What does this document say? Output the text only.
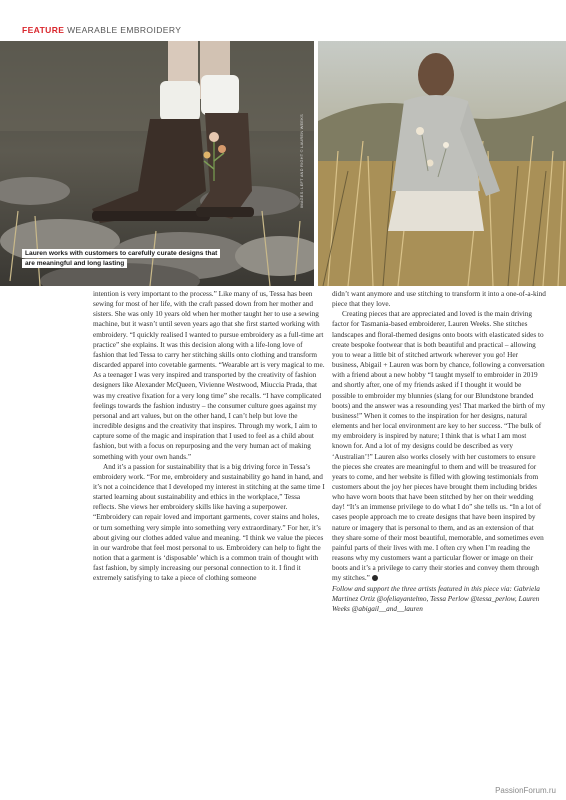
FEATURE WEARABLE EMBROIDERY
IMAGES: LEFT AND RIGHT © LAUREN WEEKS
Lauren works with customers to carefully curate designs that are meaningful and long lasting

intention is very important to the process.” Like many of us, Tessa has been sewing for most of her life, with the craft passed down from her mother and sisters. She was only 10 years old when her mother taught her to use a sewing machine, but it wasn’t until seven years ago that she first started working with embroidery. “I quickly realised I wanted to pursue embroidery as a full-time art practice” she explains. It was this decision along with a life-long love of fashion that led Tessa to carry her stitching skills onto clothing and transform discarded apparel into covetable garments. “Wearable art is very magical to me. As a teenager I was very inspired and transported by the creativity of fashion designers like Alexander McQueen, Vivienne Westwood, Miuccia Prada, that was my creative fixation for a very long time” she recalls. “I have complicated feelings towards the fashion industry – the consumer culture goes against my personal and art values, but on the other hand, I can’t help but love the incredible designs and the creativity that inspires. Through my work, I aim to capture some of the magic and inspiration that I used to feel as a child about fashion, but with a focus on repurposing and the very human act of making something with your own hands.”

And it’s a passion for sustainability that is a big driving force in Tessa’s embroidery work. “For me, embroidery and sustainability go hand in hand, and it’s not a coincidence that I developed my interest in stitching at the same time I started learning about sustainability and ethics in the workplace,” Tessa reflects. She views her embroidery skills like having a superpower. “Embroidery can repair loved and important garments, cover stains and holes, or turn something very simple into something very extraordinary.” For her, it’s about giving our clothes added value and meaning. “I think we value the pieces in our wardrobe that feel most personal to us. Embroidery can help to fight the notion that a garment is ‘disposable’ which is a common train of thought with fast fashion, by simply increasing our personal connection to it. I find it extremely satisfying to take a piece of clothing someone

didn’t want anymore and use stitching to transform it into a one-of-a-kind piece that they love.

Creating pieces that are appreciated and loved is the main driving factor for Tasmania-based embroiderer, Lauren Weeks. She stitches landscapes and floral-themed designs onto boots with elasticated sides to create bespoke footwear that is both beautiful and practical – allowing you to wear a little bit of stitched artwork wherever you go! Her business, Abigail + Lauren was born by chance, following a conversation with a friend about a new hobby “I taught myself to embroider in 2019 and shortly after, one of my friends asked if I thought it would be possible to embroider my blunnies (slang for our Blundstone branded boots) and the answer was a resounding yes! That marked the birth of my business!” When it comes to the inspiration for her designs, natural elements and her local environment are key to her success. “The bulk of my embroidery is inspired by nature; I think that is what I am most known for. And a lot of my designs could be described as very ‘Australian’!” Lauren also works closely with her customers to ensure the pieces she creates are meaningful to them and will be treasured for years to come, and her website is filled with glowing testimonials from customers about the joy her pieces have brought them including brides who have worn boots that have been stitched by her on their wedding day! “It’s an immense privilege to do what I do” she tells us. “In a lot of cases people approach me to create designs that have been inspired by nature or imagery that is personal to them, and as an extension of that they share some of their most beautiful, memorable, and sometimes even painful parts of their lives with me. I often cry when I’m reading the reasons why my customers want a particular flower or image on their boots and it’s a privilege to carry their stories and convey them through my stitches.”

Follow and support the three artists featured in this piece via: Gabriela Martinez Ortiz @ofeliayantelmo, Tessa Perlow @tessa_perlow, Lauren Weeks @abigail__and__lauren

PassionForum.ru
